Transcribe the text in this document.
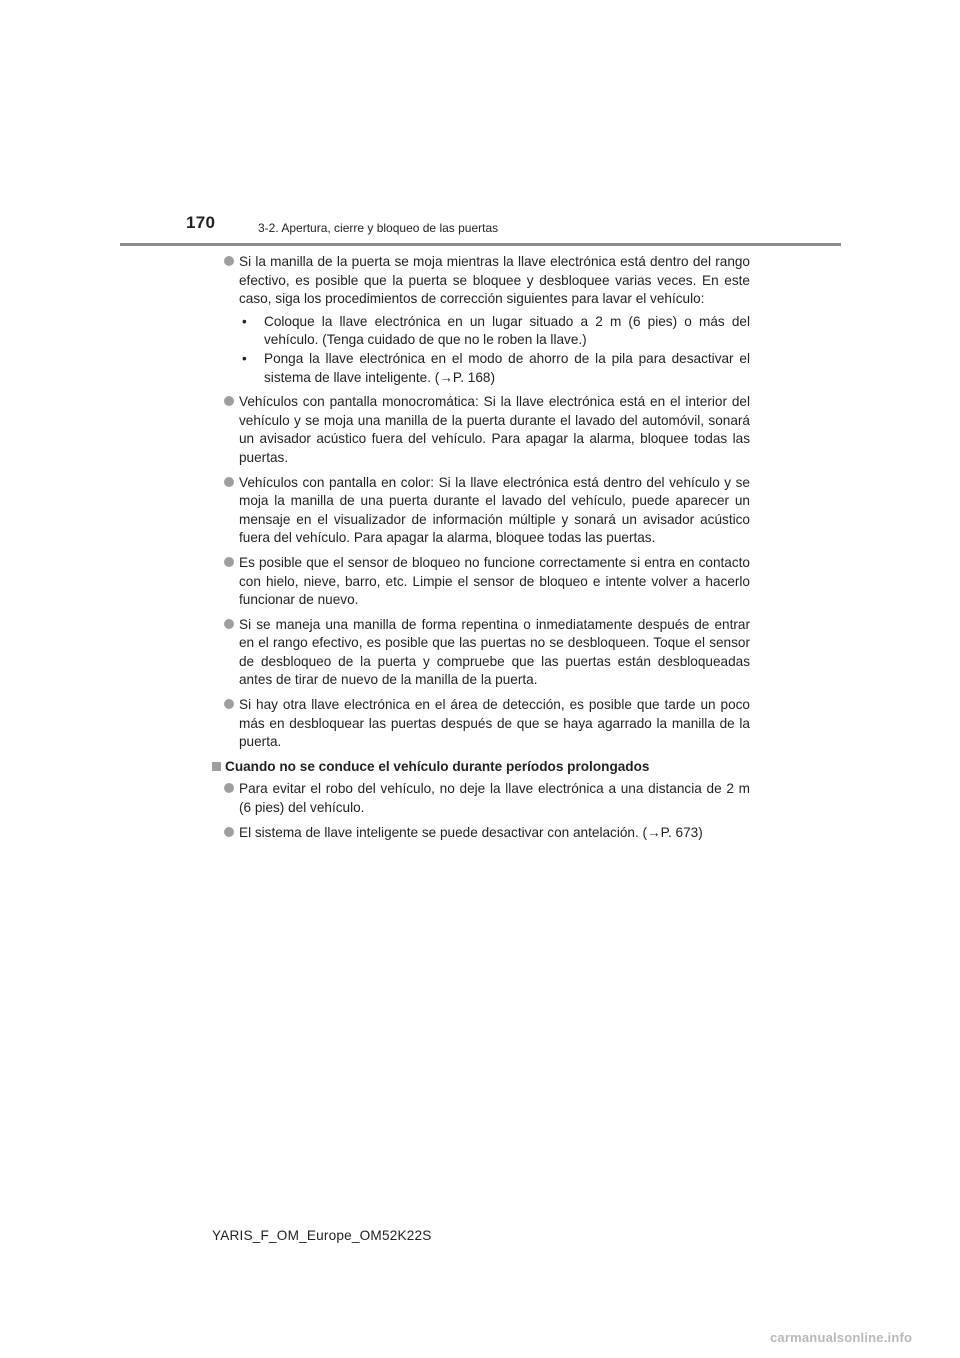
170	3-2. Apertura, cierre y bloqueo de las puertas
Si la manilla de la puerta se moja mientras la llave electrónica está dentro del rango efectivo, es posible que la puerta se bloquee y desbloquee varias veces. En este caso, siga los procedimientos de corrección siguientes para lavar el vehículo:
• Coloque la llave electrónica en un lugar situado a 2 m (6 pies) o más del vehículo. (Tenga cuidado de que no le roben la llave.)
• Ponga la llave electrónica en el modo de ahorro de la pila para desactivar el sistema de llave inteligente. (→P. 168)
Vehículos con pantalla monocromática: Si la llave electrónica está en el interior del vehículo y se moja una manilla de la puerta durante el lavado del automóvil, sonará un avisador acústico fuera del vehículo. Para apagar la alarma, bloquee todas las puertas.
Vehículos con pantalla en color: Si la llave electrónica está dentro del vehículo y se moja la manilla de una puerta durante el lavado del vehículo, puede aparecer un mensaje en el visualizador de información múltiple y sonará un avisador acústico fuera del vehículo. Para apagar la alarma, bloquee todas las puertas.
Es posible que el sensor de bloqueo no funcione correctamente si entra en contacto con hielo, nieve, barro, etc. Limpie el sensor de bloqueo e intente volver a hacerlo funcionar de nuevo.
Si se maneja una manilla de forma repentina o inmediatamente después de entrar en el rango efectivo, es posible que las puertas no se desbloqueen. Toque el sensor de desbloqueo de la puerta y compruebe que las puertas están desbloqueadas antes de tirar de nuevo de la manilla de la puerta.
Si hay otra llave electrónica en el área de detección, es posible que tarde un poco más en desbloquear las puertas después de que se haya agarrado la manilla de la puerta.
Cuando no se conduce el vehículo durante períodos prolongados
Para evitar el robo del vehículo, no deje la llave electrónica a una distancia de 2 m (6 pies) del vehículo.
El sistema de llave inteligente se puede desactivar con antelación. (→P. 673)
YARIS_F_OM_Europe_OM52K22S
carmanualsonline.info
